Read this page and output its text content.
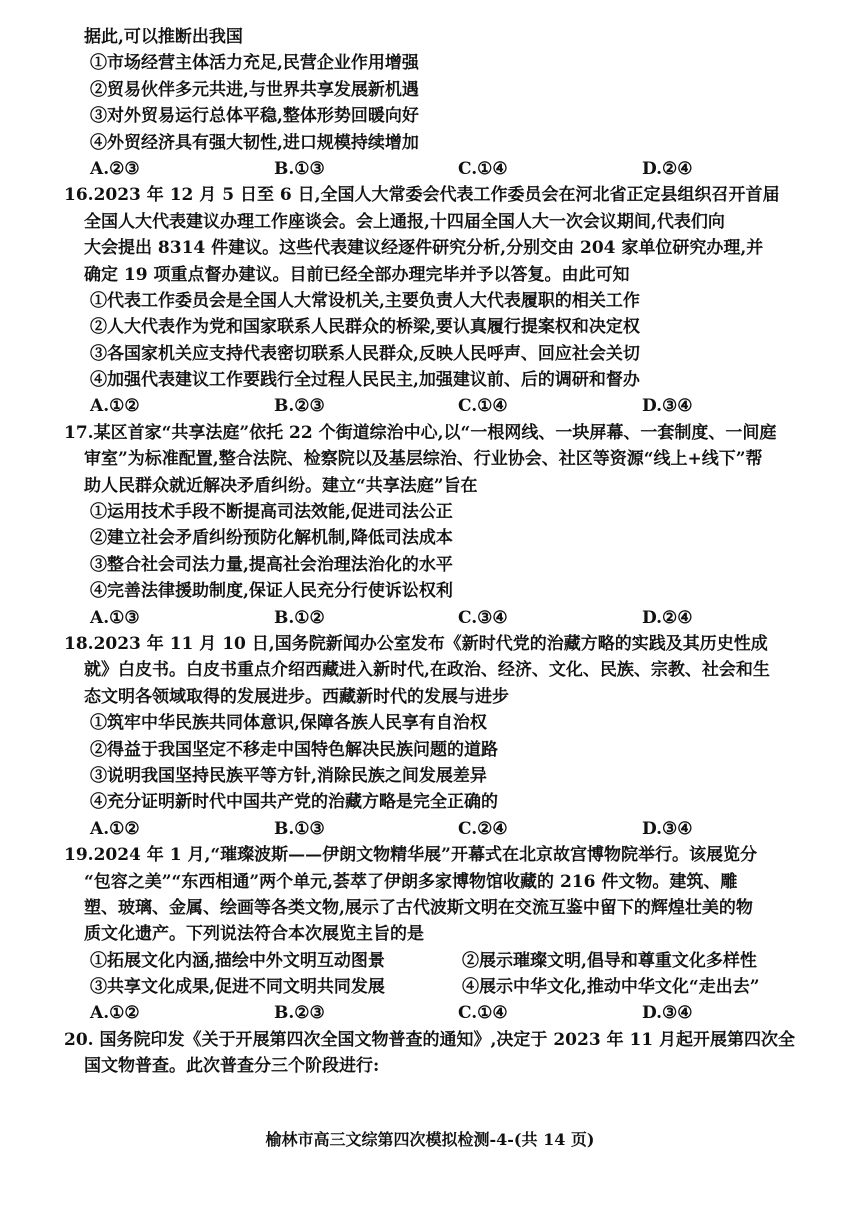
据此,可以推断出我国
①市场经营主体活力充足,民营企业作用增强
②贸易伙伴多元共进,与世界共享发展新机遇
③对外贸易运行总体平稳,整体形势回暖向好
④外贸经济具有强大韧性,进口规模持续增加
A.②③	B.①③	C.①④	D.②④
16.2023 年 12 月 5 日至 6 日,全国人大常委会代表工作委员会在河北省正定县组织召开首届
全国人大代表建议办理工作座谈会。会上通报,十四届全国人大一次会议期间,代表们向
大会提出 8314 件建议。这些代表建议经逐件研究分析,分别交由 204 家单位研究办理,并
确定 19 项重点督办建议。目前已经全部办理完毕并予以答复。由此可知
①代表工作委员会是全国人大常设机关,主要负责人大代表履职的相关工作
②人大代表作为党和国家联系人民群众的桥梁,要认真履行提案权和决定权
③各国家机关应支持代表密切联系人民群众,反映人民呼声、回应社会关切
④加强代表建议工作要践行全过程人民民主,加强建议前、后的调研和督办
A.①②	B.②③	C.①④	D.③④
17.某区首家“共享法庭”依托 22 个街道综治中心,以“一根网线、一块屏幕、一套制度、一间庭
审室”为标准配置,整合法院、检察院以及基层综治、行业协会、社区等资源“线上+线下”帮
助人民群众就近解决矛盾纠纷。建立“共享法庭”旨在
①运用技术手段不断提高司法效能,促进司法公正
②建立社会矛盾纠纷预防化解机制,降低司法成本
③整合社会司法力量,提高社会治理法治化的水平
④完善法律援助制度,保证人民充分行使诉讼权利
A.①③	B.①②	C.③④	D.②④
18.2023 年 11 月 10 日,国务院新闻办公室发布《新时代党的治藏方略的实践及其历史性成
就》白皮书。白皮书重点介绍西藏进入新时代,在政治、经济、文化、民族、宗教、社会和生
态文明各领域取得的发展进步。西藏新时代的发展与进步
①筑牢中华民族共同体意识,保障各族人民享有自治权
②得益于我国坚定不移走中国特色解决民族问题的道路
③说明我国坚持民族平等方针,消除民族之间发展差异
④充分证明新时代中国共产党的治藏方略是完全正确的
A.①②	B.①③	C.②④	D.③④
19.2024 年 1 月,“璀璨波斯——伊朗文物精华展”开幕式在北京故宫博物院举行。该展览分
“包容之美”“东西相通”两个单元,荟萃了伊朗多家博物馆收藏的 216 件文物。建筑、雕
塑、玻璃、金属、绘画等各类文物,展示了古代波斯文明在交流互鉴中留下的辉煌壮美的物
质文化遗产。下列说法符合本次展览主旨的是
①拓展文化内涵,描绘中外文明互动图景	②展示璀璨文明,倡导和尊重文化多样性
③共享文化成果,促进不同文明共同发展	④展示中华文化,推动中华文化“走出去”
A.①②	B.②③	C.①④	D.③④
20. 国务院印发《关于开展第四次全国文物普查的通知》,决定于 2023 年 11 月起开展第四次全
国文物普查。此次普查分三个阶段进行:
榆林市高三文综第四次模拟检测-4-(共 14 页)
